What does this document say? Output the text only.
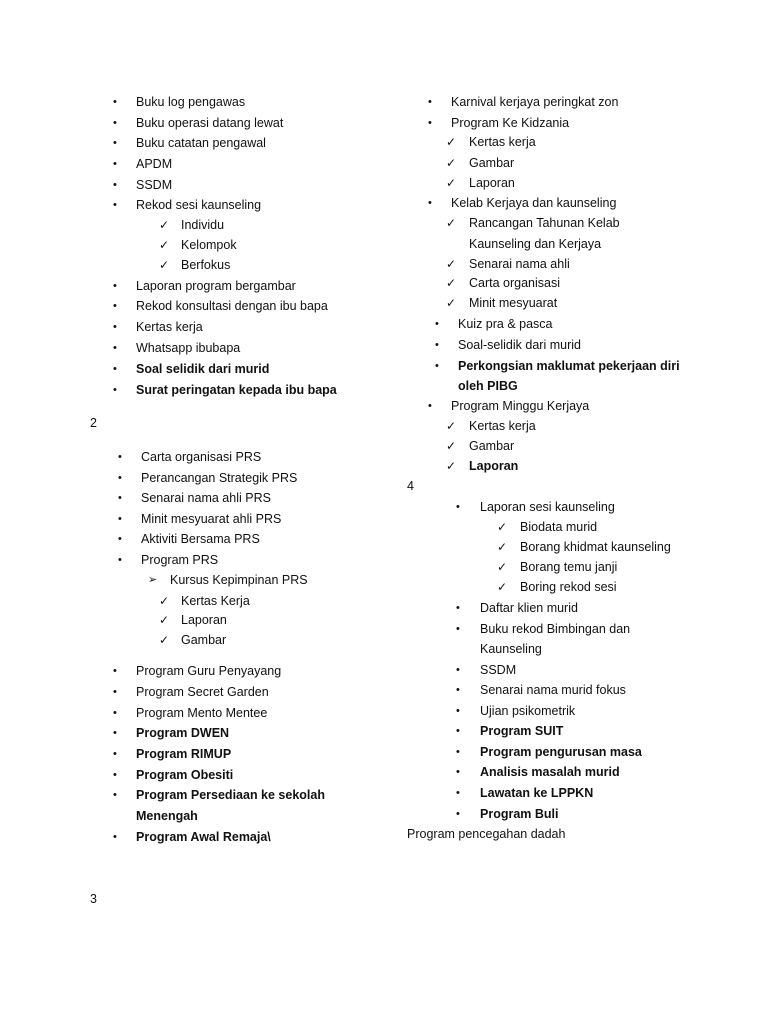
• Buku log pengawas
• Buku operasi datang lewat
• Buku catatan pengawal
• APDM
• SSDM
• Rekod sesi kaunseling
✓ Individu
✓ Kelompok
✓ Berfokus
• Laporan program bergambar
• Rekod konsultasi dengan ibu bapa
• Kertas kerja
• Whatsapp ibubapa
• Soal selidik dari murid
• Surat peringatan kepada ibu bapa
2
• Carta organisasi PRS
• Perancangan Strategik PRS
• Senarai nama ahli PRS
• Minit mesyuarat ahli PRS
• Aktiviti Bersama PRS
• Program PRS
➢ Kursus Kepimpinan PRS
✓ Kertas Kerja
✓ Laporan
✓ Gambar
• Program Guru Penyayang
• Program Secret Garden
• Program Mento Mentee
• Program DWEN
• Program RIMUP
• Program Obesiti
• Program Persediaan ke sekolah
Menengah
• Program Awal Remaja\
3
• Karnival kerjaya peringkat zon
• Program Ke Kidzania
✓ Kertas kerja
✓ Gambar
✓ Laporan
• Kelab Kerjaya dan kaunseling
✓ Rancangan Tahunan Kelab
Kaunseling dan Kerjaya
✓ Senarai nama ahli
✓ Carta organisasi
✓ Minit mesyuarat
• Kuiz pra & pasca
• Soal-selidik dari murid
• Perkongsian maklumat pekerjaan diri
oleh PIBG
• Program Minggu Kerjaya
✓ Kertas kerja
✓ Gambar
✓ Laporan
4
• Laporan sesi kaunseling
✓ Biodata murid
✓ Borang khidmat kaunseling
✓ Borang temu janji
✓ Boring rekod sesi
• Daftar klien murid
• Buku rekod Bimbingan dan
Kaunseling
• SSDM
• Senarai nama murid fokus
• Ujian psikometrik
• Program SUIT
• Program pengurusan masa
• Analisis masalah murid
• Lawatan ke LPPKN
• Program Buli
Program pencegahan dadah
